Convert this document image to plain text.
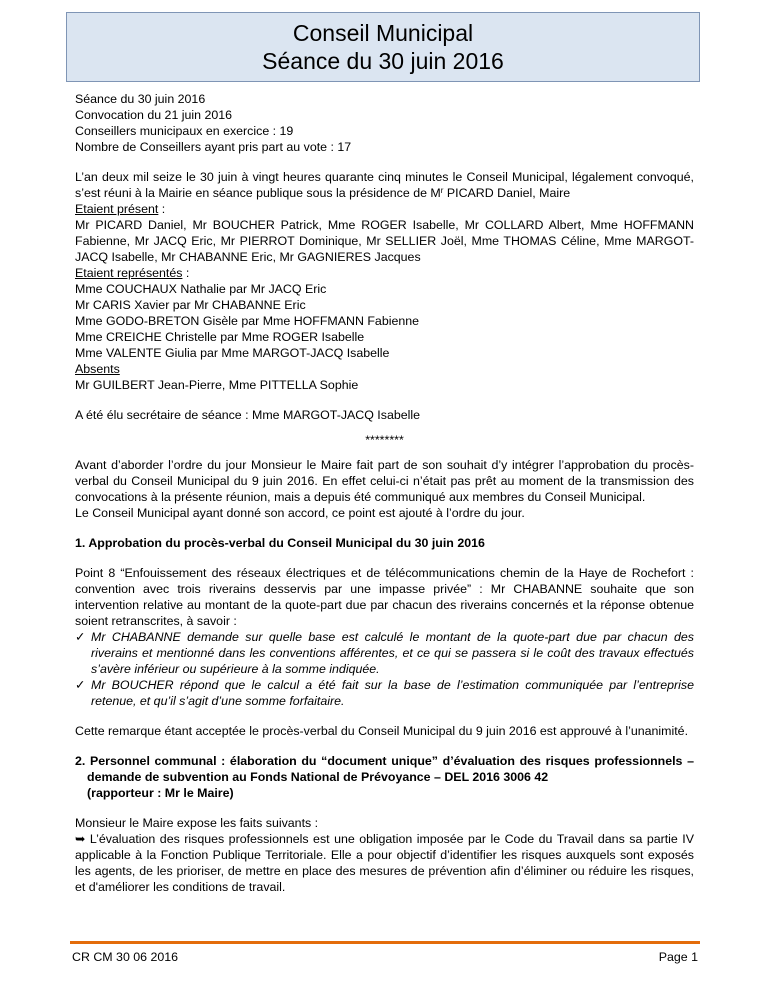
Conseil Municipal
Séance du 30 juin 2016

Séance du 30 juin 2016

Convocation du 21 juin 2016

Conseillers municipaux en exercice : 19

Nombre de Conseillers ayant pris part au vote : 17

L’an deux mil seize le 30 juin à vingt heures quarante cinq minutes le Conseil Municipal, légalement convoqué, s’est réuni à la Mairie en séance publique sous la présidence de $M^r$ PICARD Daniel, Maire

Etaient présent :

Mr PICARD Daniel, Mr BOUCHER Patrick, Mme ROGER Isabelle, Mr COLLARD Albert, Mme HOFFMANN Fabienne, Mr JACQ Eric, Mr PIERROT Dominique, Mr SELLIER Joël, Mme THOMAS Céline, Mme MARGOT-JACQ Isabelle, Mr CHABANNE Eric, Mr GAGNIERES Jacques

Etaient représentés :

Mme COUCHAUX Nathalie par Mr JACQ Eric

Mr CARIS Xavier par Mr CHABANNE Eric

Mme GODO-BRETON Gisèle par Mme HOFFMANN Fabienne

Mme CREICHE Christelle par Mme ROGER Isabelle

Mme VALENTE Giulia par Mme MARGOT-JACQ Isabelle

Absents

Mr GUILBERT Jean-Pierre, Mme PITTELLA Sophie

A été élu secrétaire de séance : Mme MARGOT-JACQ Isabelle

********

Avant d’aborder l’ordre du jour Monsieur le Maire fait part de son souhait d’y intégrer l’approbation du procès-verbal du Conseil Municipal du 9 juin 2016. En effet celui-ci n’était pas prêt au moment de la transmission des convocations à la présente réunion, mais a depuis été communiqué aux membres du Conseil Municipal.

Le Conseil Municipal ayant donné son accord, ce point est ajouté à l’ordre du jour.

1. Approbation du procès-verbal du Conseil Municipal du 30 juin 2016

Point 8 “Enfouissement des réseaux électriques et de télécommunications chemin de la Haye de Rochefort : convention avec trois riverains desservis par une impasse privée” : Mr CHABANNE souhaite que son intervention relative au montant de la quote-part due par chacun des riverains concernés et la réponse obtenue soient retranscrites, à savoir :

✓ Mr CHABANNE demande sur quelle base est calculé le montant de la quote-part due par chacun des riverains et mentionné dans les conventions afférentes, et ce qui se passera si le coût des travaux effectués s’avère inférieur ou supérieure à la somme indiquée.
✓ Mr BOUCHER répond que le calcul a été fait sur la base de l’estimation communiquée par l’entreprise retenue, et qu’il s’agit d’une somme forfaitaire.

Cette remarque étant acceptée le procès-verbal du Conseil Municipal du 9 juin 2016 est approuvé à l’unanimité.

2. Personnel communal : élaboration du “document unique” d’évaluation des risques professionnels – demande de subvention au Fonds National de Prévoyance – DEL 2016 3006 42

(rapporteur : Mr le Maire)

Monsieur le Maire expose les faits suivants :

➥ L’évaluation des risques professionnels est une obligation imposée par le Code du Travail dans sa partie IV applicable à la Fonction Publique Territoriale. Elle a pour objectif d’identifier les risques auxquels sont exposés les agents, de les prioriser, de mettre en place des mesures de prévention afin d’éliminer ou réduire les risques, et d'améliorer les conditions de travail.

CR CM 30 06 2016	Page 1
